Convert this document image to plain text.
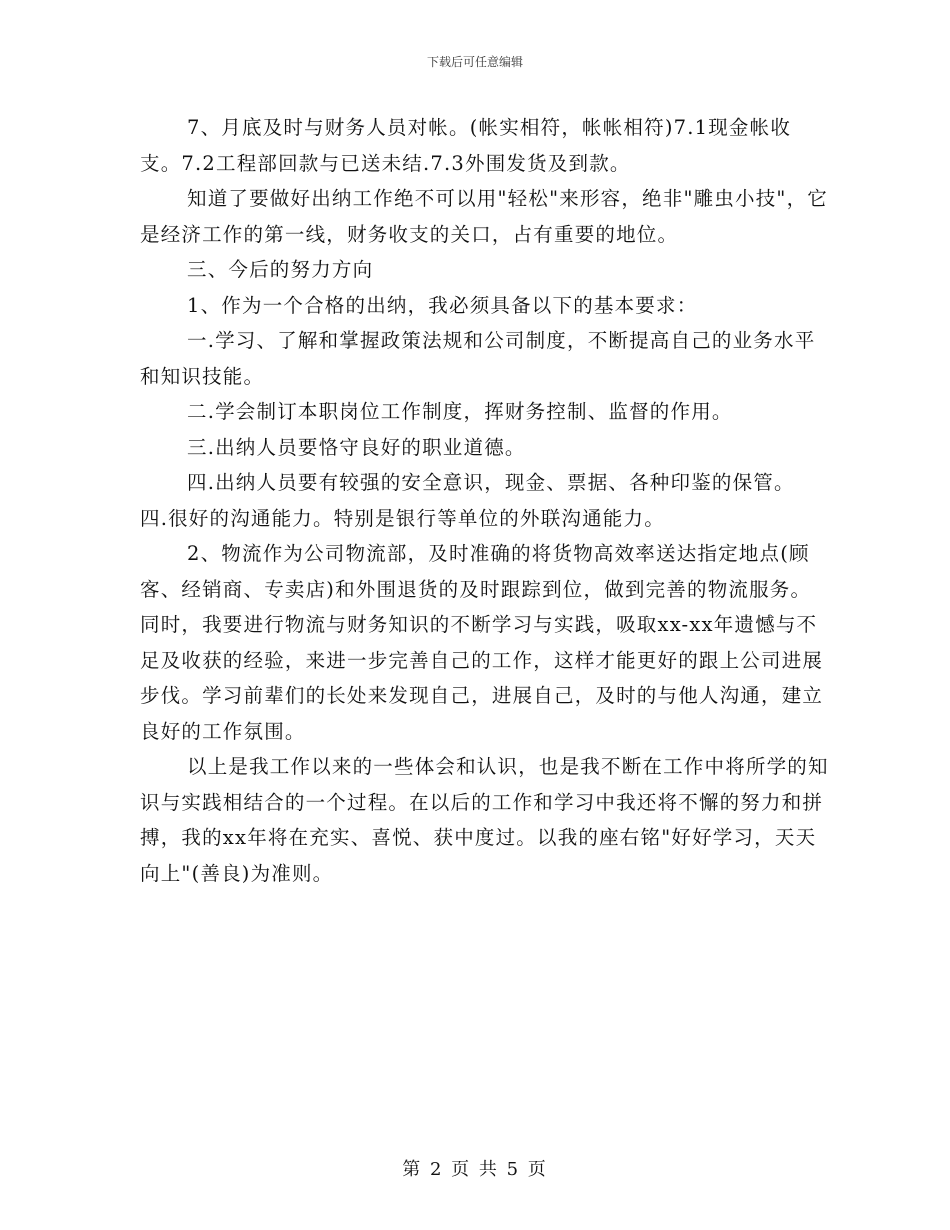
下载后可任意编辑

7、月底及时与财务人员对帐。(帐实相符，帐帐相符)7.1现金帐收支。7.2工程部回款与已送未结.7.3外围发货及到款。

知道了要做好出纳工作绝不可以用"轻松"来形容，绝非"雕虫小技"，它是经济工作的第一线，财务收支的关口，占有重要的地位。

三、今后的努力方向

1、作为一个合格的出纳，我必须具备以下的基本要求：

一.学习、了解和掌握政策法规和公司制度，不断提高自己的业务水平和知识技能。

二.学会制订本职岗位工作制度，挥财务控制、监督的作用。

三.出纳人员要恪守良好的职业道德。

四.出纳人员要有较强的安全意识，现金、票据、各种印鉴的保管。

四.很好的沟通能力。特别是银行等单位的外联沟通能力。

2、物流作为公司物流部，及时准确的将货物高效率送达指定地点(顾客、经销商、专卖店)和外围退货的及时跟踪到位，做到完善的物流服务。同时，我要进行物流与财务知识的不断学习与实践，吸取xx-xx年遗憾与不足及收获的经验，来进一步完善自己的工作，这样才能更好的跟上公司进展步伐。学习前辈们的长处来发现自己，进展自己，及时的与他人沟通，建立良好的工作氛围。

以上是我工作以来的一些体会和认识，也是我不断在工作中将所学的知识与实践相结合的一个过程。在以后的工作和学习中我还将不懈的努力和拼搏，我的xx年将在充实、喜悦、获中度过。以我的座右铭"好好学习，天天向上"(善良)为准则。

第 2 页 共 5 页
